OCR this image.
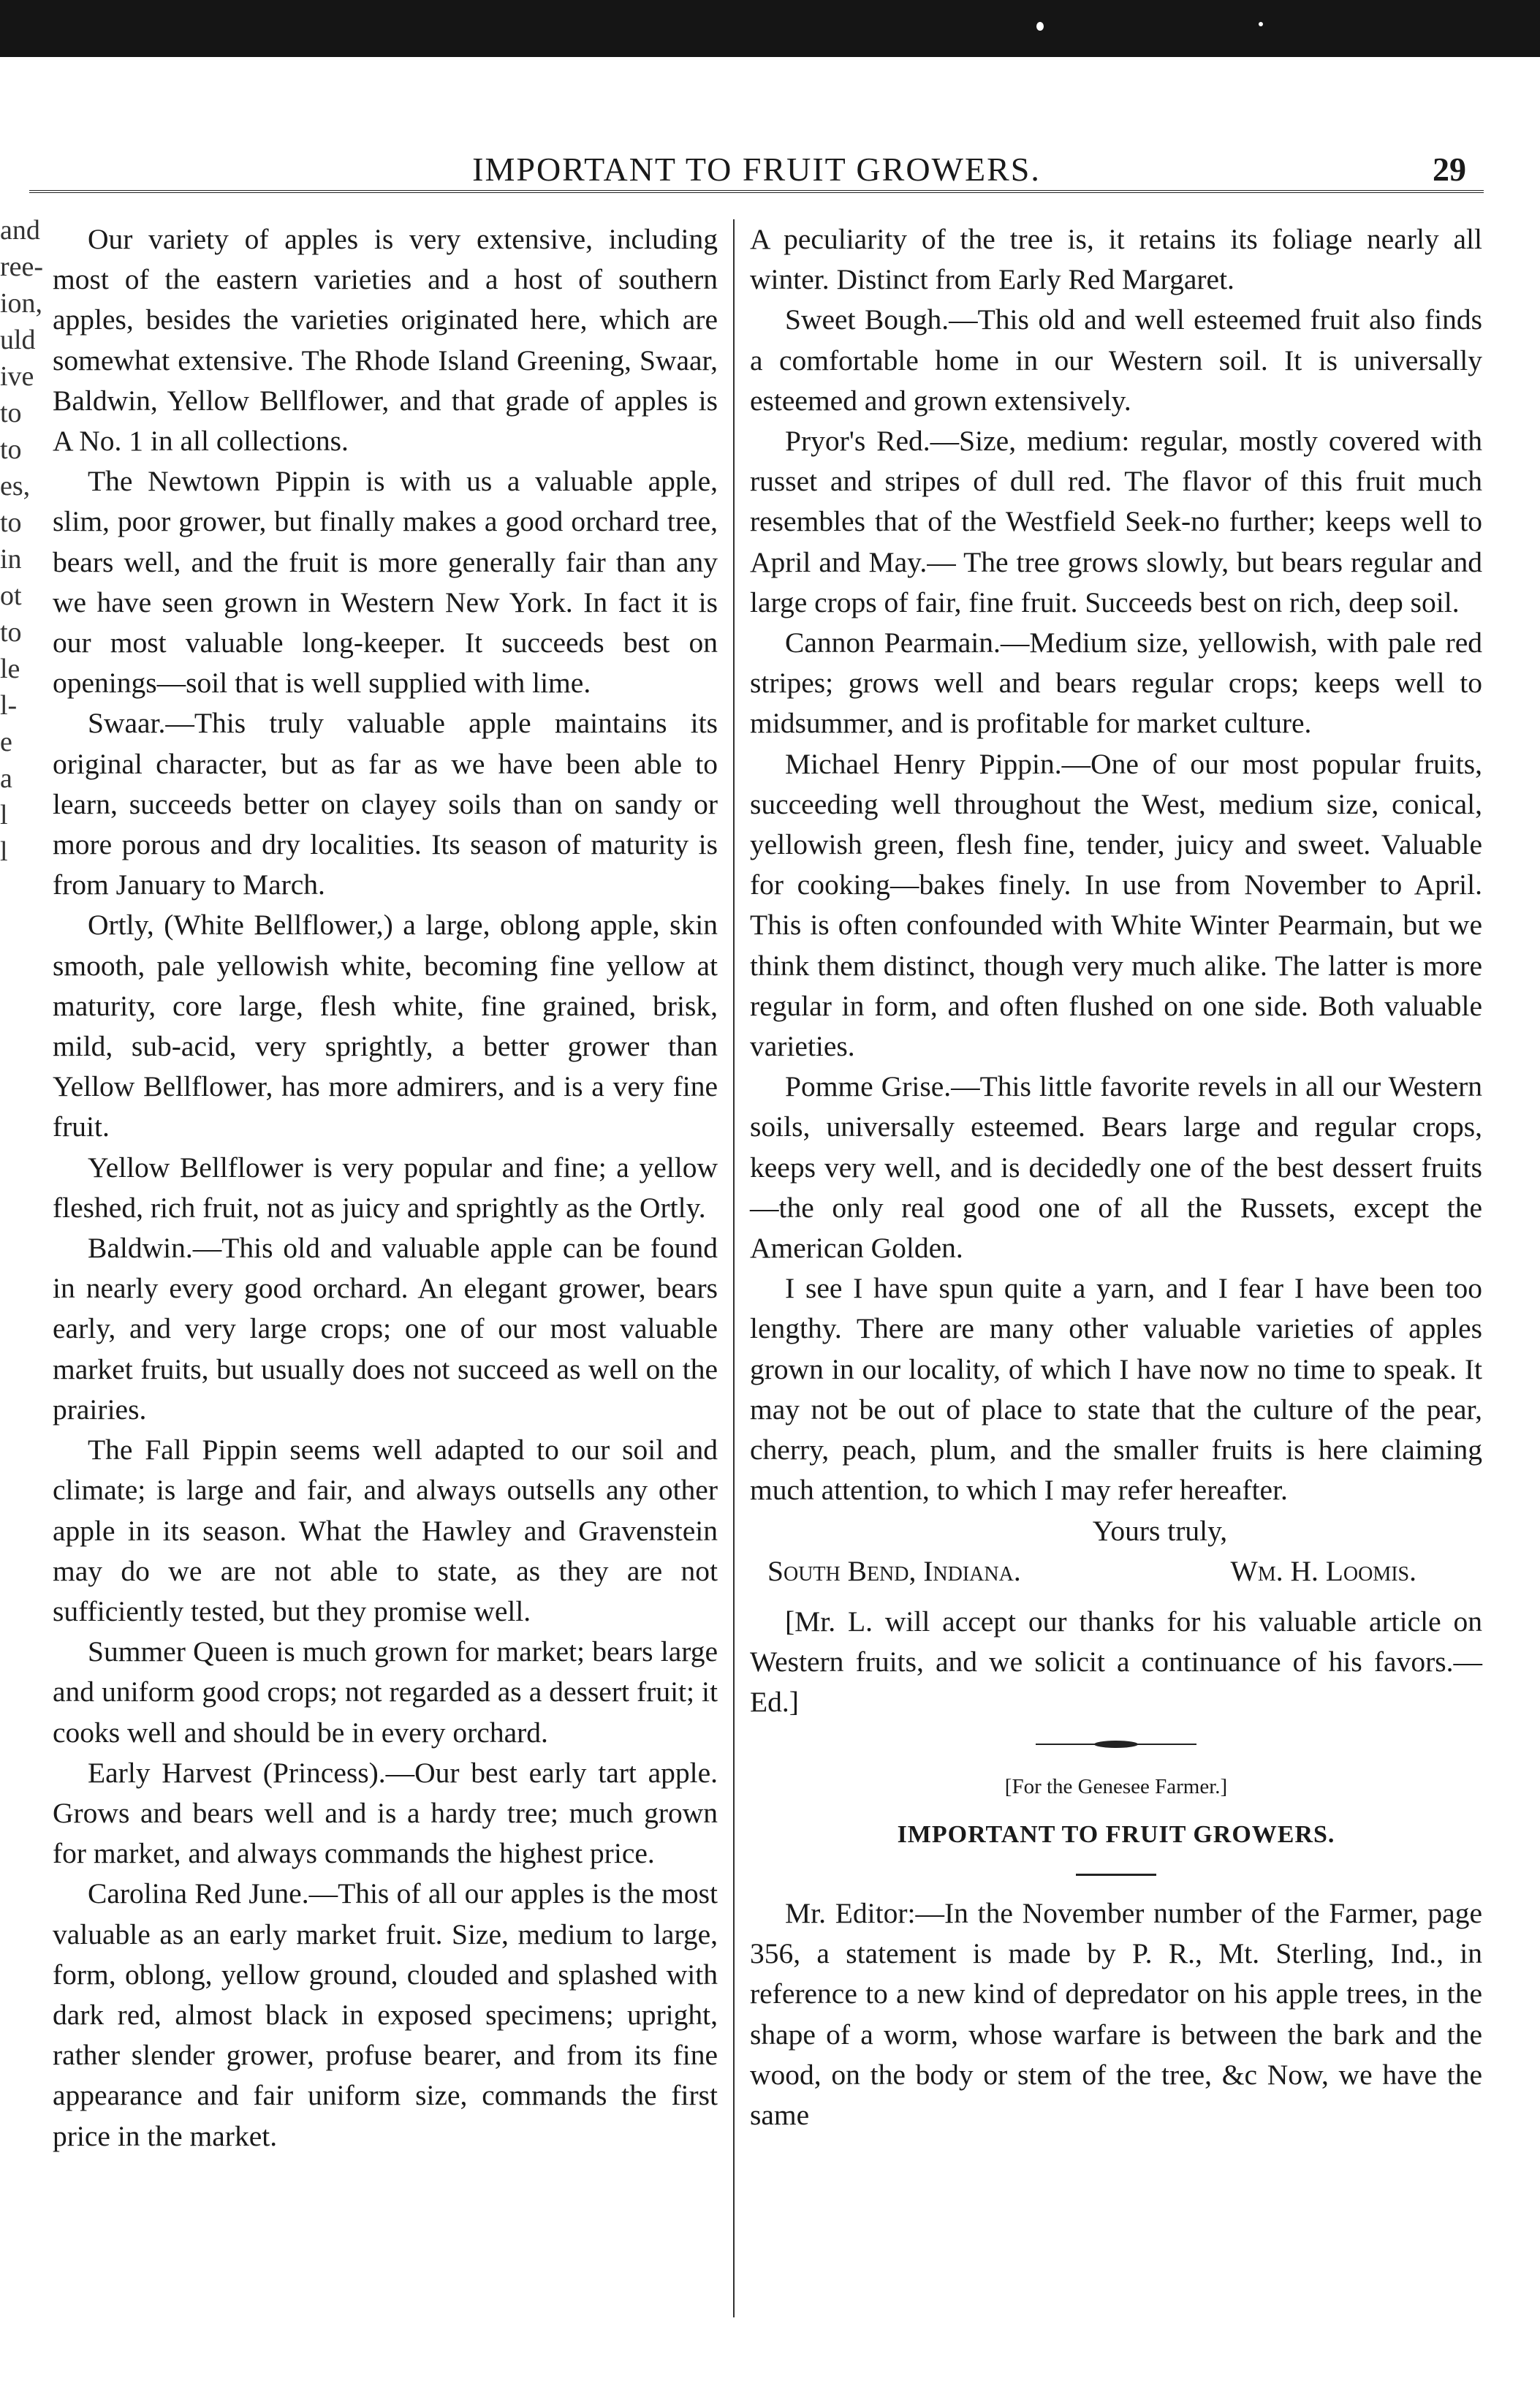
IMPORTANT TO FRUIT GROWERS.	29
and
ree-
ion,
uld
ive
to
to
es,
to
in
ot
to
le
l-
e
a
l
l

Our variety of apples is very extensive, including most of the eastern varieties and a host of southern apples, besides the varieties originated here, which are somewhat extensive. The Rhode Island Greening, Swaar, Baldwin, Yellow Bellflower, and that grade of apples is A No. 1 in all collections.

The Newtown Pippin is with us a valuable apple, slim, poor grower, but finally makes a good orchard tree, bears well, and the fruit is more generally fair than any we have seen grown in Western New York. In fact it is our most valuable long-keeper. It succeeds best on openings—soil that is well supplied with lime.

Swaar.—This truly valuable apple maintains its original character, but as far as we have been able to learn, succeeds better on clayey soils than on sandy or more porous and dry localities. Its season of maturity is from January to March.

Ortly, (White Bellflower,) a large, oblong apple, skin smooth, pale yellowish white, becoming fine yellow at maturity, core large, flesh white, fine grained, brisk, mild, sub-acid, very sprightly, a better grower than Yellow Bellflower, has more admirers, and is a very fine fruit.

Yellow Bellflower is very popular and fine; a yellow fleshed, rich fruit, not as juicy and sprightly as the Ortly.

Baldwin.—This old and valuable apple can be found in nearly every good orchard. An elegant grower, bears early, and very large crops; one of our most valuable market fruits, but usually does not succeed as well on the prairies.

The Fall Pippin seems well adapted to our soil and climate; is large and fair, and always outsells any other apple in its season. What the Hawley and Gravenstein may do we are not able to state, as they are not sufficiently tested, but they promise well.

Summer Queen is much grown for market; bears large and uniform good crops; not regarded as a dessert fruit; it cooks well and should be in every orchard.

Early Harvest (Princess).—Our best early tart apple. Grows and bears well and is a hardy tree; much grown for market, and always commands the highest price.

Carolina Red June.—This of all our apples is the most valuable as an early market fruit. Size, medium to large, form, oblong, yellow ground, clouded and splashed with dark red, almost black in exposed specimens; upright, rather slender grower, profuse bearer, and from its fine appearance and fair uniform size, commands the first price in the market.

A peculiarity of the tree is, it retains its foliage nearly all winter. Distinct from Early Red Margaret.

Sweet Bough.—This old and well esteemed fruit also finds a comfortable home in our Western soil. It is universally esteemed and grown extensively.

Pryor's Red.—Size, medium: regular, mostly covered with russet and stripes of dull red. The flavor of this fruit much resembles that of the Westfield Seek-no further; keeps well to April and May.— The tree grows slowly, but bears regular and large crops of fair, fine fruit. Succeeds best on rich, deep soil.

Cannon Pearmain.—Medium size, yellowish, with pale red stripes; grows well and bears regular crops; keeps well to midsummer, and is profitable for market culture.

Michael Henry Pippin.—One of our most popular fruits, succeeding well throughout the West, medium size, conical, yellowish green, flesh fine, tender, juicy and sweet. Valuable for cooking—bakes finely. In use from November to April. This is often confounded with White Winter Pearmain, but we think them distinct, though very much alike. The latter is more regular in form, and often flushed on one side. Both valuable varieties.

Pomme Grise.—This little favorite revels in all our Western soils, universally esteemed. Bears large and regular crops, keeps very well, and is decidedly one of the best dessert fruits—the only real good one of all the Russets, except the American Golden.

I see I have spun quite a yarn, and I fear I have been too lengthy. There are many other valuable varieties of apples grown in our locality, of which I have now no time to speak. It may not be out of place to state that the culture of the pear, cherry, peach, plum, and the smaller fruits is here claiming much attention, to which I may refer hereafter.

Yours truly,
South Bend, Indiana.	Wm. H. Loomis.

[Mr. L. will accept our thanks for his valuable article on Western fruits, and we solicit a continuance of his favors.—Ed.]

[For the Genesee Farmer.]
IMPORTANT TO FRUIT GROWERS.

Mr. Editor:—In the November number of the Farmer, page 356, a statement is made by P. R., Mt. Sterling, Ind., in reference to a new kind of depredator on his apple trees, in the shape of a worm, whose warfare is between the bark and the wood, on the body or stem of the tree, &c Now, we have the same
